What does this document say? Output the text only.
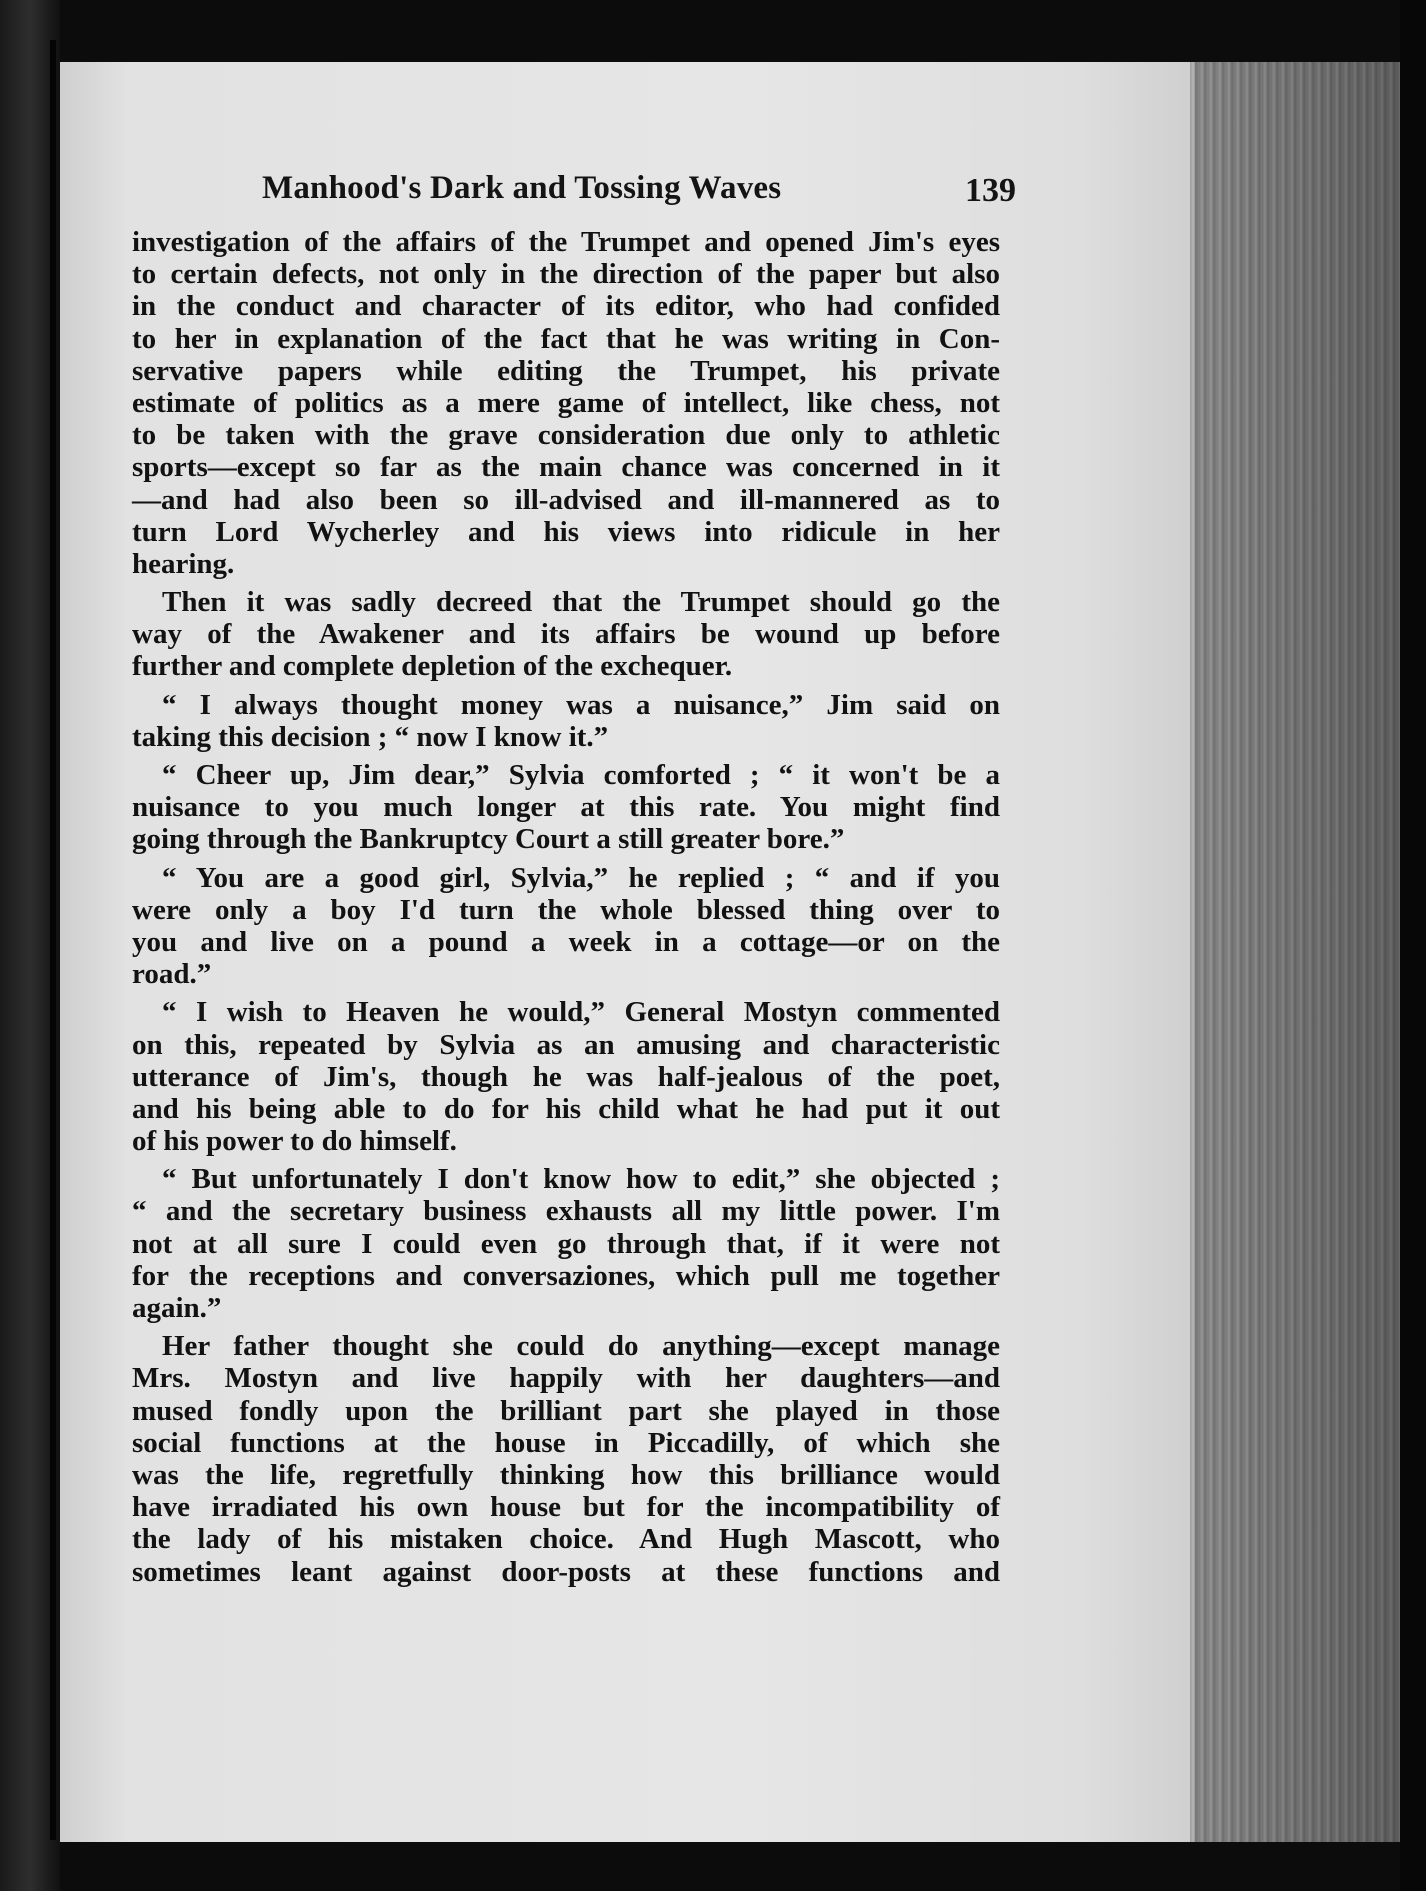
Manhood's Dark and Tossing Waves	139
investigation of the affairs of the Trumpet and opened Jim's eyes
to certain defects, not only in the direction of the paper but also
in the conduct and character of its editor, who had confided
to her in explanation of the fact that he was writing in Con-
servative papers while editing the Trumpet, his private
estimate of politics as a mere game of intellect, like chess, not
to be taken with the grave consideration due only to athletic
sports—except so far as the main chance was concerned in it
—and had also been so ill-advised and ill-mannered as to
turn Lord Wycherley and his views into ridicule in her
hearing.
Then it was sadly decreed that the Trumpet should go the
way of the Awakener and its affairs be wound up before
further and complete depletion of the exchequer.
“ I always thought money was a nuisance,” Jim said on
taking this decision ; “ now I know it.”
“ Cheer up, Jim dear,” Sylvia comforted ; “ it won't be a
nuisance to you much longer at this rate. You might find
going through the Bankruptcy Court a still greater bore.”
“ You are a good girl, Sylvia,” he replied ; “ and if you
were only a boy I'd turn the whole blessed thing over to
you and live on a pound a week in a cottage—or on the
road.”
“ I wish to Heaven he would,” General Mostyn commented
on this, repeated by Sylvia as an amusing and characteristic
utterance of Jim's, though he was half-jealous of the poet,
and his being able to do for his child what he had put it out
of his power to do himself.
“ But unfortunately I don't know how to edit,” she objected ;
“ and the secretary business exhausts all my little power. I'm
not at all sure I could even go through that, if it were not
for the receptions and conversaziones, which pull me together
again.”
Her father thought she could do anything—except manage
Mrs. Mostyn and live happily with her daughters—and
mused fondly upon the brilliant part she played in those
social functions at the house in Piccadilly, of which she
was the life, regretfully thinking how this brilliance would
have irradiated his own house but for the incompatibility of
the lady of his mistaken choice. And Hugh Mascott, who
sometimes leant against door-posts at these functions and
